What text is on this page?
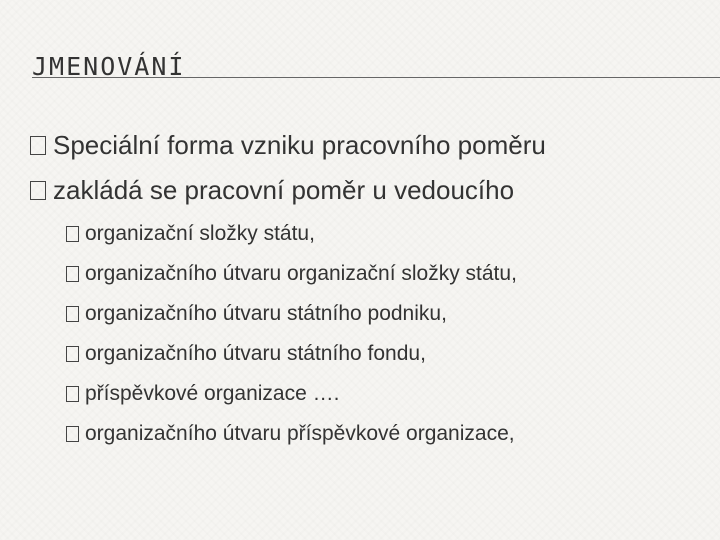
JMENOVÁNÍ
Speciální forma vzniku pracovního poměru
zakládá se pracovní poměr u vedoucího
organizační složky státu,
organizačního útvaru organizační složky státu,
organizačního útvaru státního podniku,
organizačního útvaru státního fondu,
příspěvkové organizace ….
organizačního útvaru příspěvkové organizace,
